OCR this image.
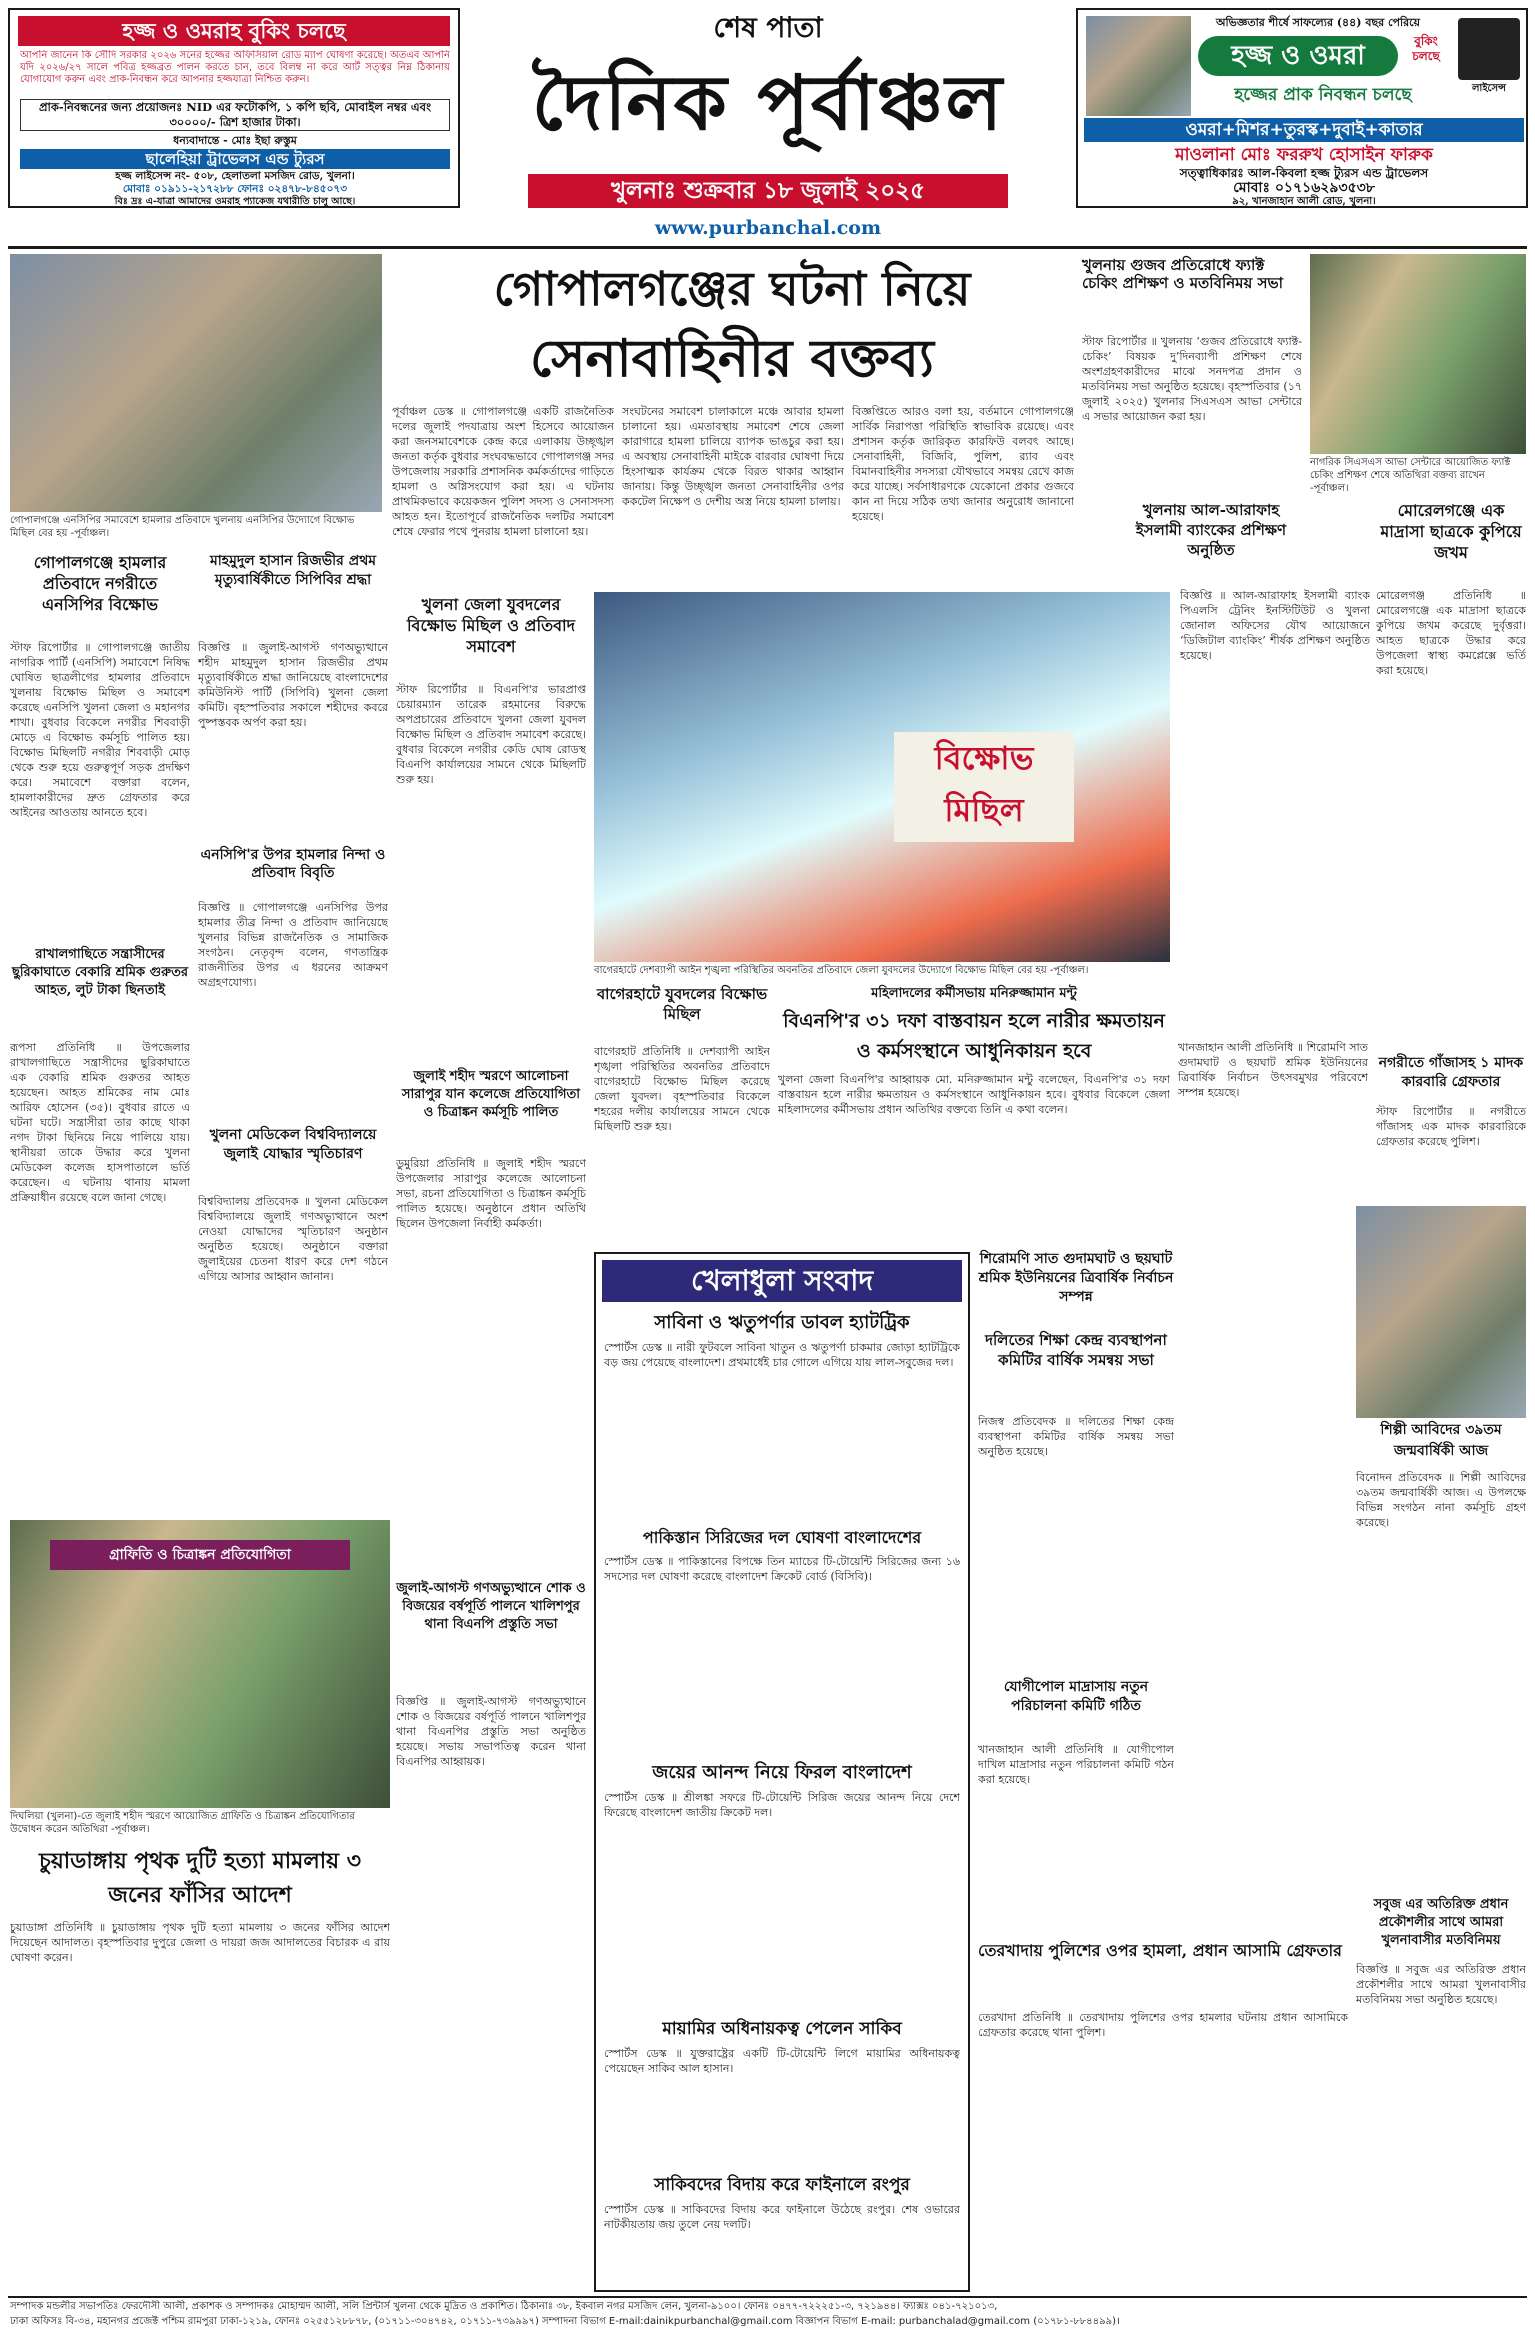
হজ্জ ও ওমরাহ বুকিং চলছে
আপনি জানেন কি সৌদি সরকার ২০২৬ সনের হজ্জের অফিসিয়াল রোড ম্যাপ ঘোষণা করেছে। অতএব আপনি যদি ২০২৬/২৭ সালে পবিত্র হজ্জব্রত পালন করতে চান, তবে বিলম্ব না করে আর্ট সত্ত্বর নিম্ন ঠিকানায় যোগাযোগ করুন এবং প্রাক-নিবন্ধন করে আপনার হজ্জযাত্রা নিশ্চিত করুন।
প্রাক-নিবন্ধনের জন্য প্রয়োজনঃ NID এর ফটোকপি, ১ কপি ছবি, মোবাইল নম্বর এবং ৩০০০০/- ত্রিশ হাজার টাকা।
ধন্যবাদান্তে - মোঃ ইছা রুস্তুম
ছালেহিয়া ট্রাভেলস এন্ড ট্যুরস
হজ্জ লাইসেন্স নং- ৫০৮, হেলাতলা মসজিদ রোড, খুলনা।
মোবাঃ ০১৯১১-২১৭২৮৮ ফোনঃ ০২৪৭৮-৮৪৫০৭৩
বিঃ দ্রঃ এ-যাত্রা আমাদের ওমরাহ প্যাকেজ যথারীতি চালু আছে।
শেষ পাতা
দৈনিক পূর্বাঞ্চল
খুলনাঃ শুক্রবার ১৮ জুলাই ২০২৫
www.purbanchal.com
অভিজ্ঞতার শীর্ষে সাফল্যের (৪৪) বছর পেরিয়ে
হজ্জ ও ওমরা	বুকিং চলছে
লাইসেন্স
হজ্জের প্রাক নিবন্ধন চলছে
ওমরা+মিশর+তুরস্ক+দুবাই+কাতার
মাওলানা মোঃ ফররুখ হোসাইন ফারুক
সত্ত্বাধিকারঃ আল-কিবলা হজ্জ ট্যুরস এন্ড ট্রাভেলস
মোবাঃ ০১৭১৬২৯৩৫৩৮
৯২, খানজাহান আলী রোড, খুলনা।
গোপালগঞ্জে এনসিপির সমাবেশে হামলার প্রতিবাদে খুলনায় এনসিপির উদ্যোগে বিক্ষোভ মিছিল বের হয় -পূর্বাঞ্চল।
গোপালগঞ্জের ঘটনা নিয়ে
সেনাবাহিনীর বক্তব্য
পূর্বাঞ্চল ডেস্ক ॥ গোপালগঞ্জে একটি রাজনৈতিক দলের জুলাই পদযাত্রায় অংশ হিসেবে আয়োজন করা জনসমাবেশকে কেন্দ্র করে এলাকায় উচ্ছৃঙ্খল জনতা কর্তৃক বুধবার সংঘবদ্ধভাবে গোপালগঞ্জ সদর উপজেলায় সরকারি প্রশাসনিক কর্মকর্তাদের গাড়িতে হামলা ও অগ্নিসংযোগ করা হয়। এ ঘটনায় প্রাথমিকভাবে কয়েকজন পুলিশ সদস্য ও সেনাসদস্য আহত হন। ইতোপূর্বে রাজনৈতিক দলটির সমাবেশ শেষে ফেরার পথে পুনরায় হামলা চালানো হয়।
সংঘটনের সমাবেশ চালাকালে মঞ্চে আবার হামলা চালানো হয়। এমতাবস্থায় সমাবেশ শেষে জেলা কারাগারে হামলা চালিয়ে ব্যাপক ভাঙচুর করা হয়। এ অবস্থায় সেনাবাহিনী মাইকে বারবার ঘোষণা দিয়ে হিংসাত্মক কার্যক্রম থেকে বিরত থাকার আহ্বান জানায়। কিন্তু উচ্ছৃঙ্খল জনতা সেনাবাহিনীর ওপর ককটেল নিক্ষেপ ও দেশীয় অস্ত্র নিয়ে হামলা চালায়।
বিজ্ঞপ্তিতে আরও বলা হয়, বর্তমানে গোপালগঞ্জে সার্বিক নিরাপত্তা পরিস্থিতি স্বাভাবিক রয়েছে। এবং প্রশাসন কর্তৃক জারিকৃত কারফিউ বলবৎ আছে। সেনাবাহিনী, বিজিবি, পুলিশ, র‍্যাব এবং বিমানবাহিনীর সদস্যরা যৌথভাবে সমন্বয় রেখে কাজ করে যাচ্ছে। সর্বসাধারণকে যেকোনো প্রকার গুজবে কান না দিয়ে সঠিক তথ্য জানার অনুরোধ জানানো হয়েছে।
খুলনায় গুজব প্রতিরোধে ফ্যাক্ট চেকিং প্রশিক্ষণ ও মতবিনিময় সভা
স্টাফ রিপোর্টার ॥ খুলনায় ‘গুজব প্রতিরোধে ফ্যাক্ট-চেকিং’ বিষয়ক দু’দিনব্যাপী প্রশিক্ষণ শেষে অংশগ্রহণকারীদের মাঝে সনদপত্র প্রদান ও মতবিনিময় সভা অনুষ্ঠিত হয়েছে। বৃহস্পতিবার (১৭ জুলাই ২০২৫) খুলনার সিএসএস আভা সেন্টারে এ সভার আয়োজন করা হয়।
নাগরিক সিএসএস আভা সেন্টারে আয়োজিত ফ্যাক্ট চেকিং প্রশিক্ষণ শেষে অতিথিরা বক্তব্য রাখেন -পূর্বাঞ্চল।
গোপালগঞ্জে হামলার প্রতিবাদে নগরীতে এনসিপির বিক্ষোভ
স্টাফ রিপোর্টার ॥ গোপালগঞ্জে জাতীয় নাগরিক পার্টি (এনসিপি) সমাবেশে নিষিদ্ধ ঘোষিত ছাত্রলীগের হামলার প্রতিবাদে খুলনায় বিক্ষোভ মিছিল ও সমাবেশ করেছে এনসিপি খুলনা জেলা ও মহানগর শাখা। বুধবার বিকেলে নগরীর শিববাড়ী মোড়ে এ বিক্ষোভ কর্মসূচি পালিত হয়। বিক্ষোভ মিছিলটি নগরীর শিববাড়ী মোড় থেকে শুরু হয়ে গুরুত্বপূর্ণ সড়ক প্রদক্ষিণ করে। সমাবেশে বক্তারা বলেন, হামলাকারীদের দ্রুত গ্রেফতার করে আইনের আওতায় আনতে হবে।
রাখালগাছিতে সন্ত্রাসীদের ছুরিকাঘাতে বেকারি শ্রমিক গুরুতর আহত, লুট টাকা ছিনতাই
রূপসা প্রতিনিধি ॥ উপজেলার রাখালগাছিতে সন্ত্রাসীদের ছুরিকাঘাতে এক বেকারি শ্রমিক গুরুতর আহত হয়েছেন। আহত শ্রমিকের নাম মোঃ আরিফ হোসেন (৩৫)। বুধবার রাতে এ ঘটনা ঘটে। সন্ত্রাসীরা তার কাছে থাকা নগদ টাকা ছিনিয়ে নিয়ে পালিয়ে যায়। স্থানীয়রা তাকে উদ্ধার করে খুলনা মেডিকেল কলেজ হাসপাতালে ভর্তি করেছেন। এ ঘটনায় থানায় মামলা প্রক্রিয়াধীন রয়েছে বলে জানা গেছে।
মাহমুদুল হাসান রিজভীর প্রথম মৃত্যুবার্ষিকীতে সিপিবির শ্রদ্ধা
বিজ্ঞপ্তি ॥ জুলাই-আগস্ট গণঅভ্যুত্থানে শহীদ মাহমুদুল হাসান রিজভীর প্রথম মৃত্যুবার্ষিকীতে শ্রদ্ধা জানিয়েছে বাংলাদেশের কমিউনিস্ট পার্টি (সিপিবি) খুলনা জেলা কমিটি। বৃহস্পতিবার সকালে শহীদের কবরে পুষ্পস্তবক অর্পণ করা হয়।
এনসিপি'র উপর হামলার নিন্দা ও প্রতিবাদ বিবৃতি
বিজ্ঞপ্তি ॥ গোপালগঞ্জে এনসিপির উপর হামলার তীব্র নিন্দা ও প্রতিবাদ জানিয়েছে খুলনার বিভিন্ন রাজনৈতিক ও সামাজিক সংগঠন। নেতৃবৃন্দ বলেন, গণতান্ত্রিক রাজনীতির উপর এ ধরনের আক্রমণ অগ্রহণযোগ্য।
খুলনা মেডিকেল বিশ্ববিদ্যালয়ে জুলাই যোদ্ধার স্মৃতিচারণ
বিশ্ববিদ্যালয় প্রতিবেদক ॥ খুলনা মেডিকেল বিশ্ববিদ্যালয়ে জুলাই গণঅভ্যুত্থানে অংশ নেওয়া যোদ্ধাদের স্মৃতিচারণ অনুষ্ঠান অনুষ্ঠিত হয়েছে। অনুষ্ঠানে বক্তারা জুলাইয়ের চেতনা ধারণ করে দেশ গঠনে এগিয়ে আসার আহ্বান জানান।
খুলনা জেলা যুবদলের বিক্ষোভ মিছিল ও প্রতিবাদ সমাবেশ
স্টাফ রিপোর্টার ॥ বিএনপি'র ভারপ্রাপ্ত চেয়ারম্যান তারেক রহমানের বিরুদ্ধে অপপ্রচারের প্রতিবাদে খুলনা জেলা যুবদল বিক্ষোভ মিছিল ও প্রতিবাদ সমাবেশ করেছে। বুধবার বিকেলে নগরীর কেডি ঘোষ রোডস্থ বিএনপি কার্যালয়ের সামনে থেকে মিছিলটি শুরু হয়।
জুলাই শহীদ স্মরণে আলোচনা সারাপুর যান কলেজে প্রতিযোগিতা ও চিত্রাঙ্কন কর্মসূচি পালিত
ডুমুরিয়া প্রতিনিধি ॥ জুলাই শহীদ স্মরণে উপজেলার সারাপুর কলেজে আলোচনা সভা, রচনা প্রতিযোগিতা ও চিত্রাঙ্কন কর্মসূচি পালিত হয়েছে। অনুষ্ঠানে প্রধান অতিথি ছিলেন উপজেলা নির্বাহী কর্মকর্তা।
জুলাই-আগস্ট গণঅভ্যুত্থানে শোক ও বিজয়ের বর্ষপূর্তি পালনে খালিশপুর থানা বিএনপি প্রস্তুতি সভা
বিজ্ঞপ্তি ॥ জুলাই-আগস্ট গণঅভ্যুত্থানে শোক ও বিজয়ের বর্ষপূর্তি পালনে খালিশপুর থানা বিএনপির প্রস্তুতি সভা অনুষ্ঠিত হয়েছে। সভায় সভাপতিত্ব করেন থানা বিএনপির আহ্বায়ক।
বিক্ষোভ মিছিল
বাগেরহাটে দেশব্যাপী আইন শৃঙ্খলা পরিস্থিতির অবনতির প্রতিবাদে জেলা যুবদলের উদ্যোগে বিক্ষোভ মিছিল বের হয় -পূর্বাঞ্চল।
বাগেরহাটে যুবদলের বিক্ষোভ মিছিল
বাগেরহাট প্রতিনিধি ॥ দেশব্যাপী আইন শৃঙ্খলা পরিস্থিতির অবনতির প্রতিবাদে বাগেরহাটে বিক্ষোভ মিছিল করেছে জেলা যুবদল। বৃহস্পতিবার বিকেলে শহরের দলীয় কার্যালয়ের সামনে থেকে মিছিলটি শুরু হয়।
মহিলাদলের কর্মীসভায় মনিরুজ্জামান মন্টু
বিএনপি'র ৩১ দফা বাস্তবায়ন হলে নারীর ক্ষমতায়ন ও কর্মসংস্থানে আধুনিকায়ন হবে
খুলনা জেলা বিএনপি'র আহ্বায়ক মো. মনিরুজ্জামান মন্টু বলেছেন, বিএনপি'র ৩১ দফা বাস্তবায়ন হলে নারীর ক্ষমতায়ন ও কর্মসংস্থানে আধুনিকায়ন হবে। বুধবার বিকেলে জেলা মহিলাদলের কর্মীসভায় প্রধান অতিথির বক্তব্যে তিনি এ কথা বলেন।
খেলাধুলা সংবাদ
সাবিনা ও ঋতুপর্ণার ডাবল হ্যাটট্রিক
স্পোর্টস ডেস্ক ॥ নারী ফুটবলে সাবিনা খাতুন ও ঋতুপর্ণা চাকমার জোড়া হ্যাটট্রিকে বড় জয় পেয়েছে বাংলাদেশ। প্রথমার্ধেই চার গোলে এগিয়ে যায় লাল-সবুজের দল।
পাকিস্তান সিরিজের দল ঘোষণা বাংলাদেশের
স্পোর্টস ডেস্ক ॥ পাকিস্তানের বিপক্ষে তিন ম্যাচের টি-টোয়েন্টি সিরিজের জন্য ১৬ সদস্যের দল ঘোষণা করেছে বাংলাদেশ ক্রিকেট বোর্ড (বিসিবি)।
জয়ের আনন্দ নিয়ে ফিরল বাংলাদেশ
স্পোর্টস ডেস্ক ॥ শ্রীলঙ্কা সফরে টি-টোয়েন্টি সিরিজ জয়ের আনন্দ নিয়ে দেশে ফিরেছে বাংলাদেশ জাতীয় ক্রিকেট দল।
মায়ামির অধিনায়কত্ব পেলেন সাকিব
স্পোর্টস ডেস্ক ॥ যুক্তরাষ্ট্রের একটি টি-টোয়েন্টি লিগে মায়ামির অধিনায়কত্ব পেয়েছেন সাকিব আল হাসান।
সাকিবদের বিদায় করে ফাইনালে রংপুর
স্পোর্টস ডেস্ক ॥ সাকিবদের বিদায় করে ফাইনালে উঠেছে রংপুর। শেষ ওভারের নাটকীয়তায় জয় তুলে নেয় দলটি।
খুলনায় আল-আরাফাহ ইসলামী ব্যাংকের প্রশিক্ষণ অনুষ্ঠিত
বিজ্ঞপ্তি ॥ আল-আরাফাহ ইসলামী ব্যাংক পিএলসি ট্রেনিং ইনস্টিটিউট ও খুলনা জোনাল অফিসের যৌথ আয়োজনে ‘ডিজিটাল ব্যাংকিং’ শীর্ষক প্রশিক্ষণ অনুষ্ঠিত হয়েছে।
শিরোমণি সাত গুদামঘাট ও ছয়ঘাট শ্রমিক ইউনিয়নের ত্রিবার্ষিক নির্বাচন সম্পন্ন
খানজাহান আলী প্রতিনিধি ॥ শিরোমণি সাত গুদামঘাট ও ছয়ঘাট শ্রমিক ইউনিয়নের ত্রিবার্ষিক নির্বাচন উৎসবমুখর পরিবেশে সম্পন্ন হয়েছে।
দলিতের শিক্ষা কেন্দ্র ব্যবস্থাপনা কমিটির বার্ষিক সমন্বয় সভা
নিজস্ব প্রতিবেদক ॥ দলিতের শিক্ষা কেন্দ্র ব্যবস্থাপনা কমিটির বার্ষিক সমন্বয় সভা অনুষ্ঠিত হয়েছে।
যোগীপোল মাদ্রাসায় নতুন পরিচালনা কমিটি গঠিত
খানজাহান আলী প্রতিনিধি ॥ যোগীপোল দাখিল মাদ্রাসার নতুন পরিচালনা কমিটি গঠন করা হয়েছে।
তেরখাদায় পুলিশের ওপর হামলা, প্রধান আসামি গ্রেফতার
তেরখাদা প্রতিনিধি ॥ তেরখাদায় পুলিশের ওপর হামলার ঘটনায় প্রধান আসামিকে গ্রেফতার করেছে থানা পুলিশ।
মোরেলগঞ্জে এক মাদ্রাসা ছাত্রকে কুপিয়ে জখম
মোরেলগঞ্জ প্রতিনিধি ॥ মোরেলগঞ্জে এক মাদ্রাসা ছাত্রকে কুপিয়ে জখম করেছে দুর্বৃত্তরা। আহত ছাত্রকে উদ্ধার করে উপজেলা স্বাস্থ্য কমপ্লেক্সে ভর্তি করা হয়েছে।
নগরীতে গাঁজাসহ ১ মাদক কারবারি গ্রেফতার
স্টাফ রিপোর্টার ॥ নগরীতে গাঁজাসহ এক মাদক কারবারিকে গ্রেফতার করেছে পুলিশ।
শিল্পী আবিদের ৩৯তম জন্মবার্ষিকী আজ
বিনোদন প্রতিবেদক ॥ শিল্পী আবিদের ৩৯তম জন্মবার্ষিকী আজ। এ উপলক্ষে বিভিন্ন সংগঠন নানা কর্মসূচি গ্রহণ করেছে।
সবুজ এর অতিরিক্ত প্রধান প্রকৌশলীর সাথে আমরা খুলনাবাসীর মতবিনিময়
বিজ্ঞপ্তি ॥ সবুজ এর অতিরিক্ত প্রধান প্রকৌশলীর সাথে আমরা খুলনাবাসীর মতবিনিময় সভা অনুষ্ঠিত হয়েছে।
গ্রাফিতি ও চিত্রাঙ্কন প্রতিযোগিতা
দিঘলিয়া (খুলনা)-তে জুলাই শহীদ স্মরণে আয়োজিত গ্রাফিতি ও চিত্রাঙ্কন প্রতিযোগিতার উদ্বোধন করেন অতিথিরা -পূর্বাঞ্চল।
চুয়াডাঙ্গায় পৃথক দুটি হত্যা মামলায় ৩ জনের ফাঁসির আদেশ
চুয়াডাঙ্গা প্রতিনিধি ॥ চুয়াডাঙ্গায় পৃথক দুটি হত্যা মামলায় ৩ জনের ফাঁসির আদেশ দিয়েছেন আদালত। বৃহস্পতিবার দুপুরে জেলা ও দায়রা জজ আদালতের বিচারক এ রায় ঘোষণা করেন।
সম্পাদক মন্ডলীর সভাপতিঃ ফেরদৌসী আলী, প্রকাশক ও সম্পাদকঃ মোহাম্মদ আলী, সলি প্রিন্টার্স খুলনা থেকে মুদ্রিত ও প্রকাশিত। ঠিকানাঃ ৩৮, ইকবাল নগর মসজিদ লেন, খুলনা-৯১০০। ফোনঃ ০৪৭৭-৭২২২৫১-৩, ৭২১৯৪৪। ফ্যাক্সঃ ০৪১-৭২১০১৩,
ঢাকা অফিসঃ বি-৩৪, মহানগর প্রজেক্ট পশ্চিম রামপুরা ঢাকা-১২১৯, ফোনঃ ০২৫৫১২৮৮৭৮, (০১৭১১-৩০৪৭৪২, ০১৭১১-৭৩৯৯৯৭) সম্পাদনা বিভাগ E-mail:dainikpurbanchal@gmail.com বিজ্ঞাপন বিভাগ E-mail: purbanchalad@gmail.com (০১৭৮১-৮৮৪৪৯৯)।
